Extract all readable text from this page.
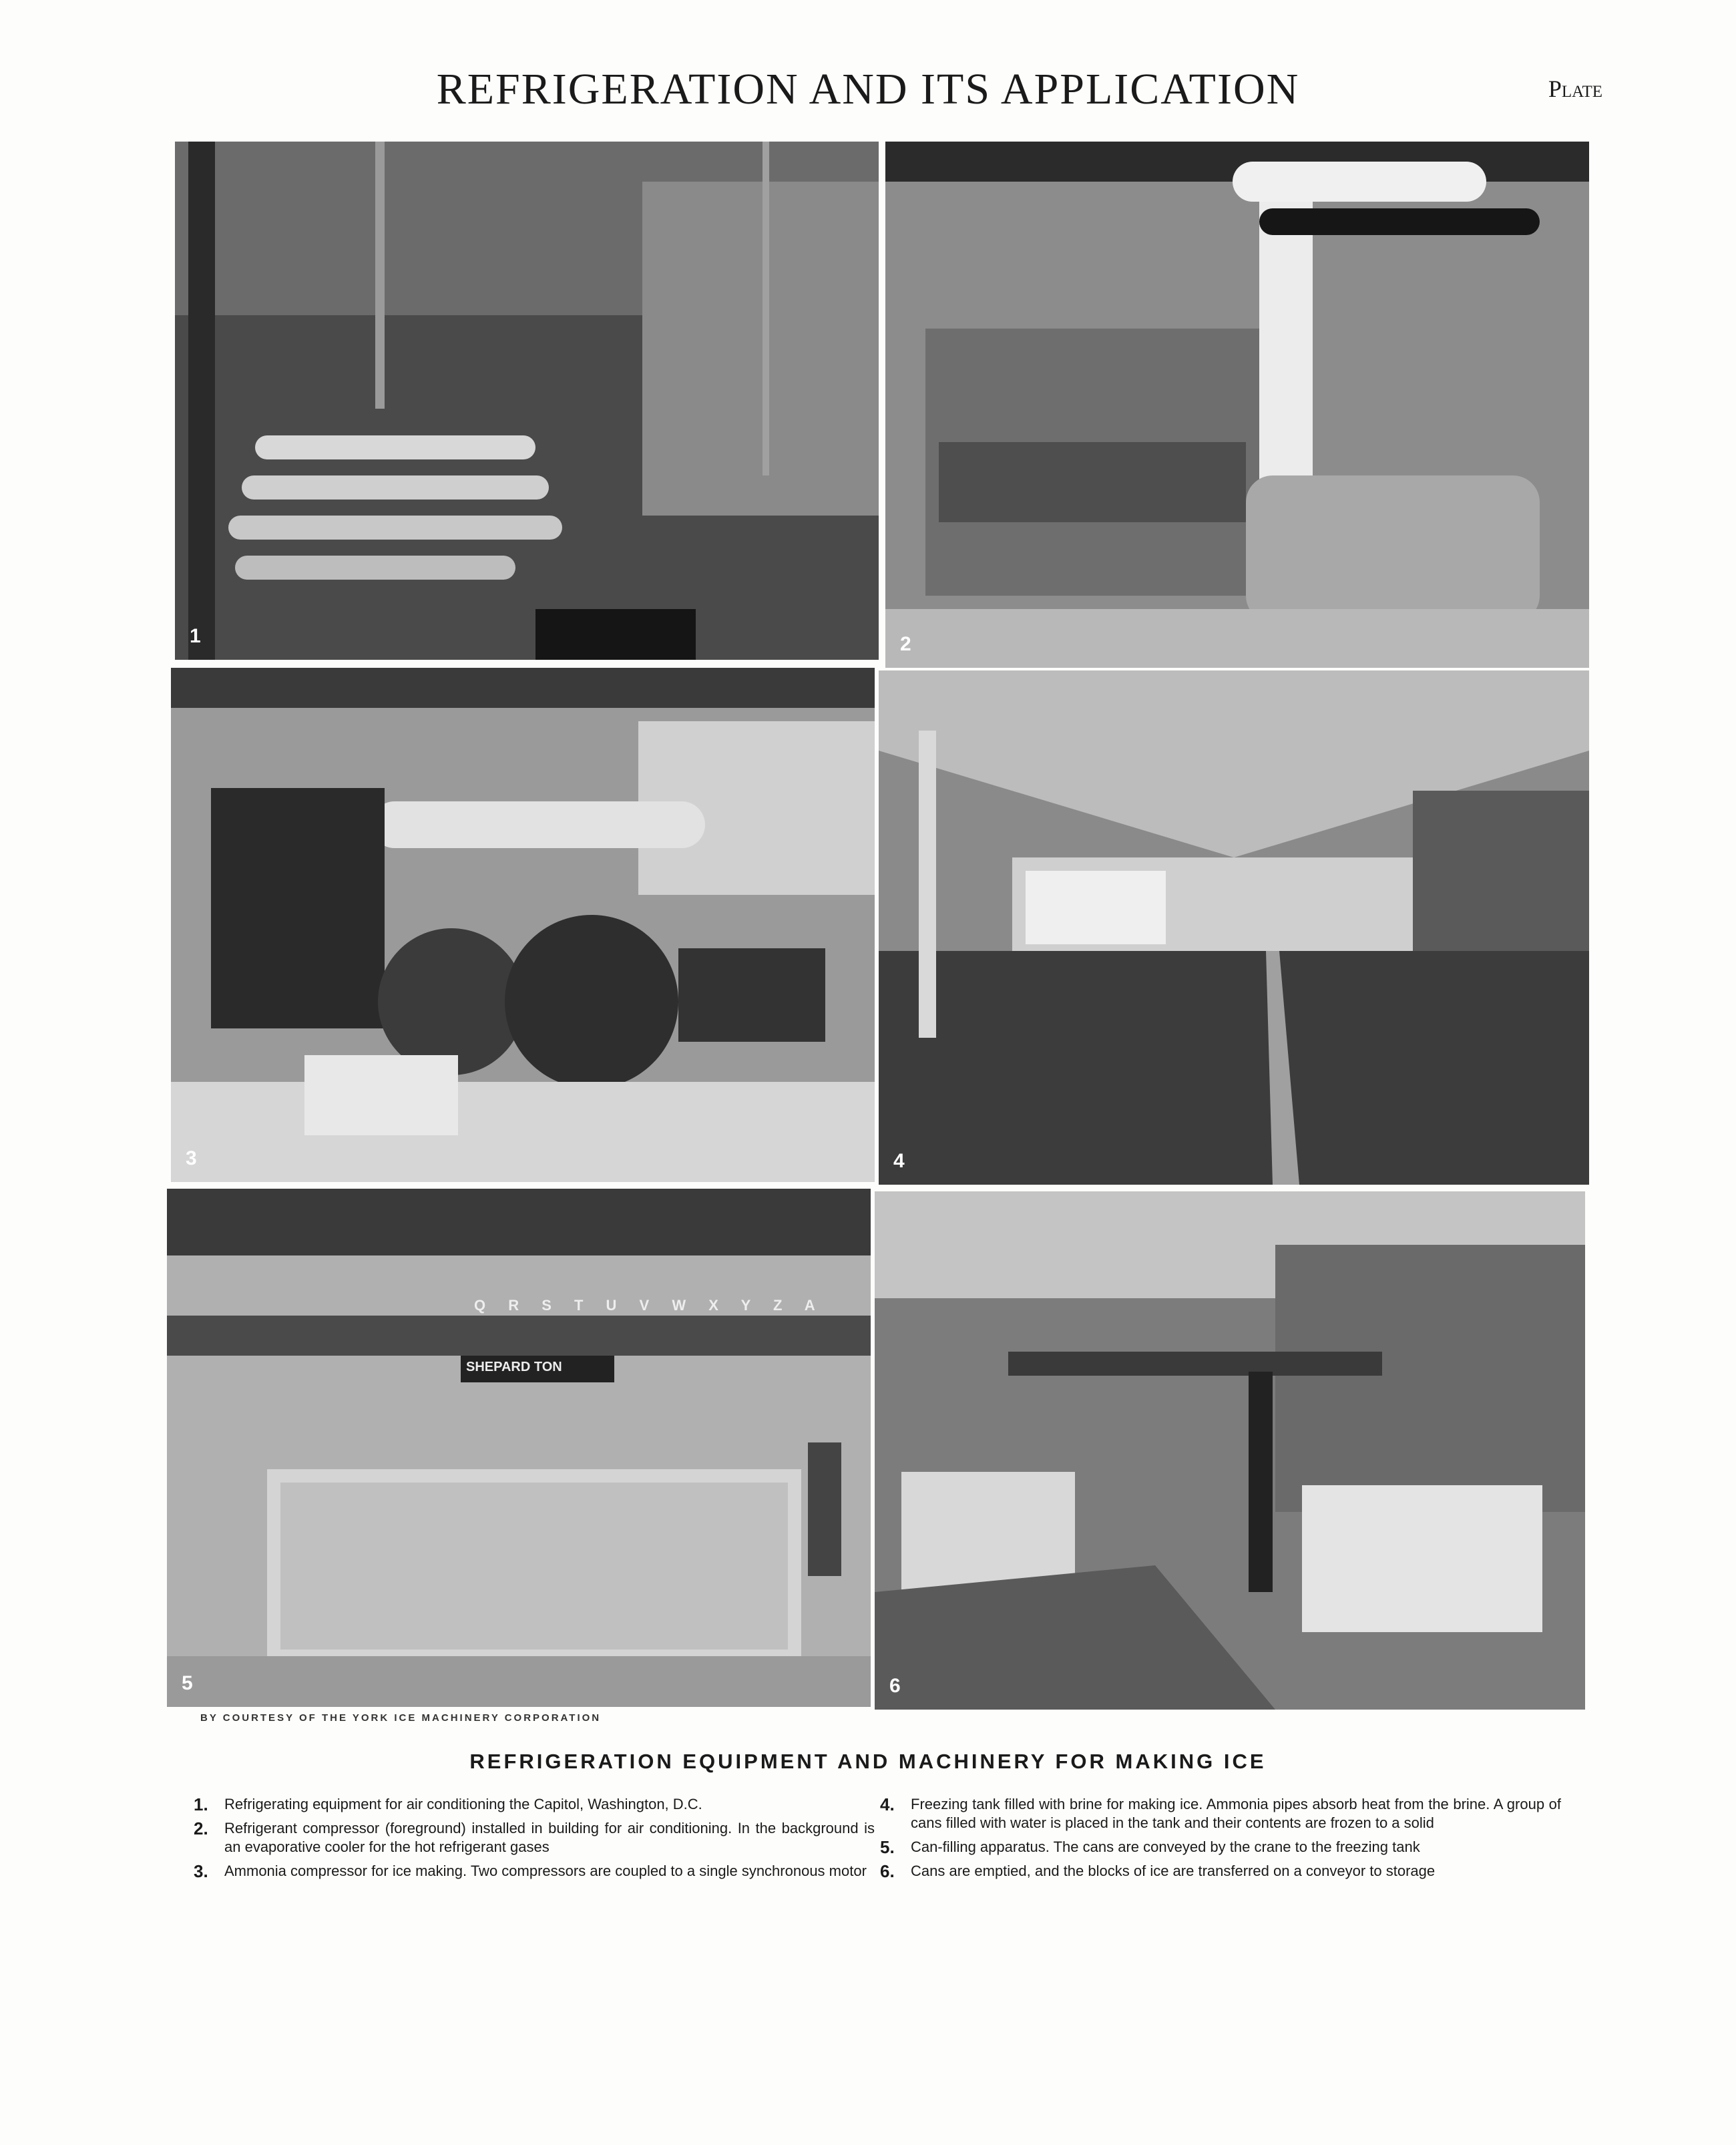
REFRIGERATION AND ITS APPLICATION	Plate
1	2
3	4
Q R S T U V W X Y Z A
SHEPARD TON
5	6
BY COURTESY OF THE YORK ICE MACHINERY CORPORATION
REFRIGERATION EQUIPMENT AND MACHINERY FOR MAKING ICE
1. Refrigerating equipment for air conditioning the Capitol, Washington, D.C.
2. Refrigerant compressor (foreground) installed in building for air conditioning. In the background is an evaporative cooler for the hot refrigerant gases
3. Ammonia compressor for ice making. Two compressors are coupled to a single synchronous motor
4. Freezing tank filled with brine for making ice. Ammonia pipes absorb heat from the brine. A group of cans filled with water is placed in the tank and their contents are frozen to a solid
5. Can-filling apparatus. The cans are conveyed by the crane to the freezing tank
6. Cans are emptied, and the blocks of ice are transferred on a conveyor to storage
